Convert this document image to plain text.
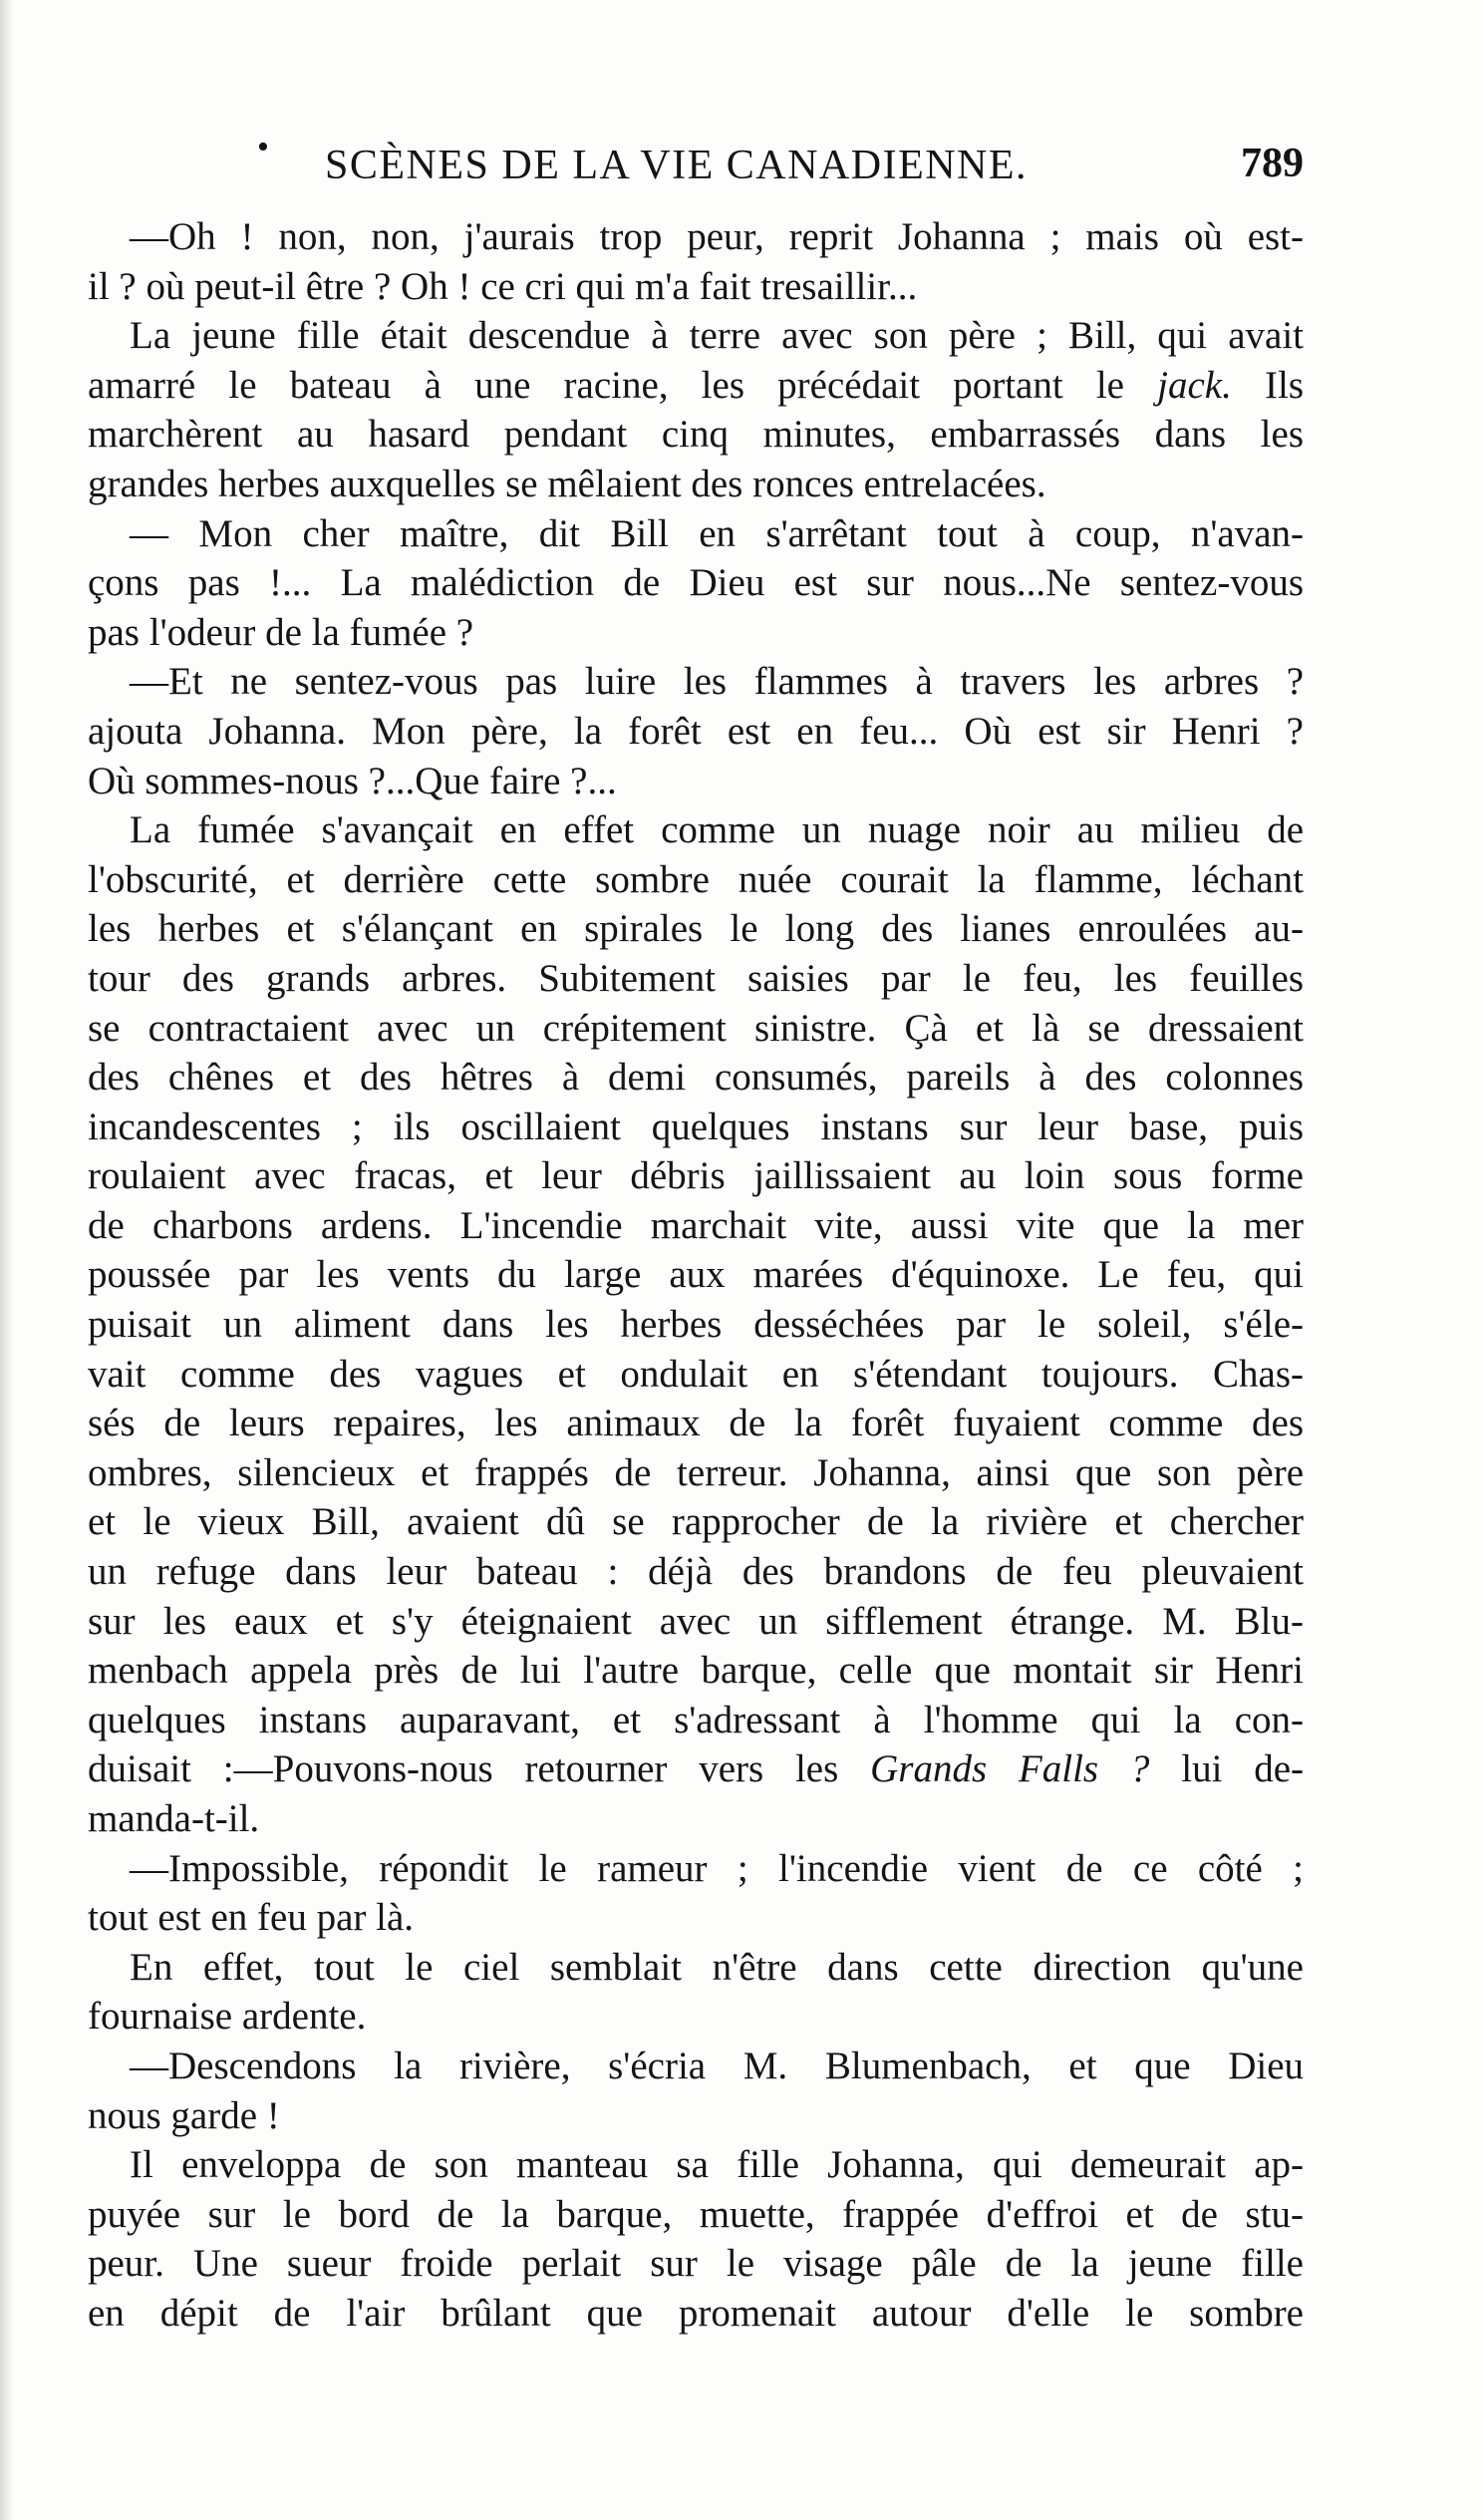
• SCÈNES DE LA VIE CANADIENNE.	789
—Oh ! non, non, j'aurais trop peur, reprit Johanna ; mais où est-
il ? où peut-il être ? Oh ! ce cri qui m'a fait tresaillir...
La jeune fille était descendue à terre avec son père ; Bill, qui avait
amarré le bateau à une racine, les précédait portant le jack. Ils
marchèrent au hasard pendant cinq minutes, embarrassés dans les
grandes herbes auxquelles se mêlaient des ronces entrelacées.
— Mon cher maître, dit Bill en s'arrêtant tout à coup, n'avan-
çons pas !... La malédiction de Dieu est sur nous...Ne sentez-vous
pas l'odeur de la fumée ?
—Et ne sentez-vous pas luire les flammes à travers les arbres ?
ajouta Johanna. Mon père, la forêt est en feu... Où est sir Henri ?
Où sommes-nous ?...Que faire ?...
La fumée s'avançait en effet comme un nuage noir au milieu de
l'obscurité, et derrière cette sombre nuée courait la flamme, léchant
les herbes et s'élançant en spirales le long des lianes enroulées au-
tour des grands arbres. Subitement saisies par le feu, les feuilles
se contractaient avec un crépitement sinistre. Çà et là se dressaient
des chênes et des hêtres à demi consumés, pareils à des colonnes
incandescentes ; ils oscillaient quelques instans sur leur base, puis
roulaient avec fracas, et leur débris jaillissaient au loin sous forme
de charbons ardens. L'incendie marchait vite, aussi vite que la mer
poussée par les vents du large aux marées d'équinoxe. Le feu, qui
puisait un aliment dans les herbes desséchées par le soleil, s'éle-
vait comme des vagues et ondulait en s'étendant toujours. Chas-
sés de leurs repaires, les animaux de la forêt fuyaient comme des
ombres, silencieux et frappés de terreur. Johanna, ainsi que son père
et le vieux Bill, avaient dû se rapprocher de la rivière et chercher
un refuge dans leur bateau : déjà des brandons de feu pleuvaient
sur les eaux et s'y éteignaient avec un sifflement étrange. M. Blu-
menbach appela près de lui l'autre barque, celle que montait sir Henri
quelques instans auparavant, et s'adressant à l'homme qui la con-
duisait :—Pouvons-nous retourner vers les Grands Falls ? lui de-
manda-t-il.
—Impossible, répondit le rameur ; l'incendie vient de ce côté ;
tout est en feu par là.
En effet, tout le ciel semblait n'être dans cette direction qu'une
fournaise ardente.
—Descendons la rivière, s'écria M. Blumenbach, et que Dieu
nous garde !
Il enveloppa de son manteau sa fille Johanna, qui demeurait ap-
puyée sur le bord de la barque, muette, frappée d'effroi et de stu-
peur. Une sueur froide perlait sur le visage pâle de la jeune fille
en dépit de l'air brûlant que promenait autour d'elle le sombre
